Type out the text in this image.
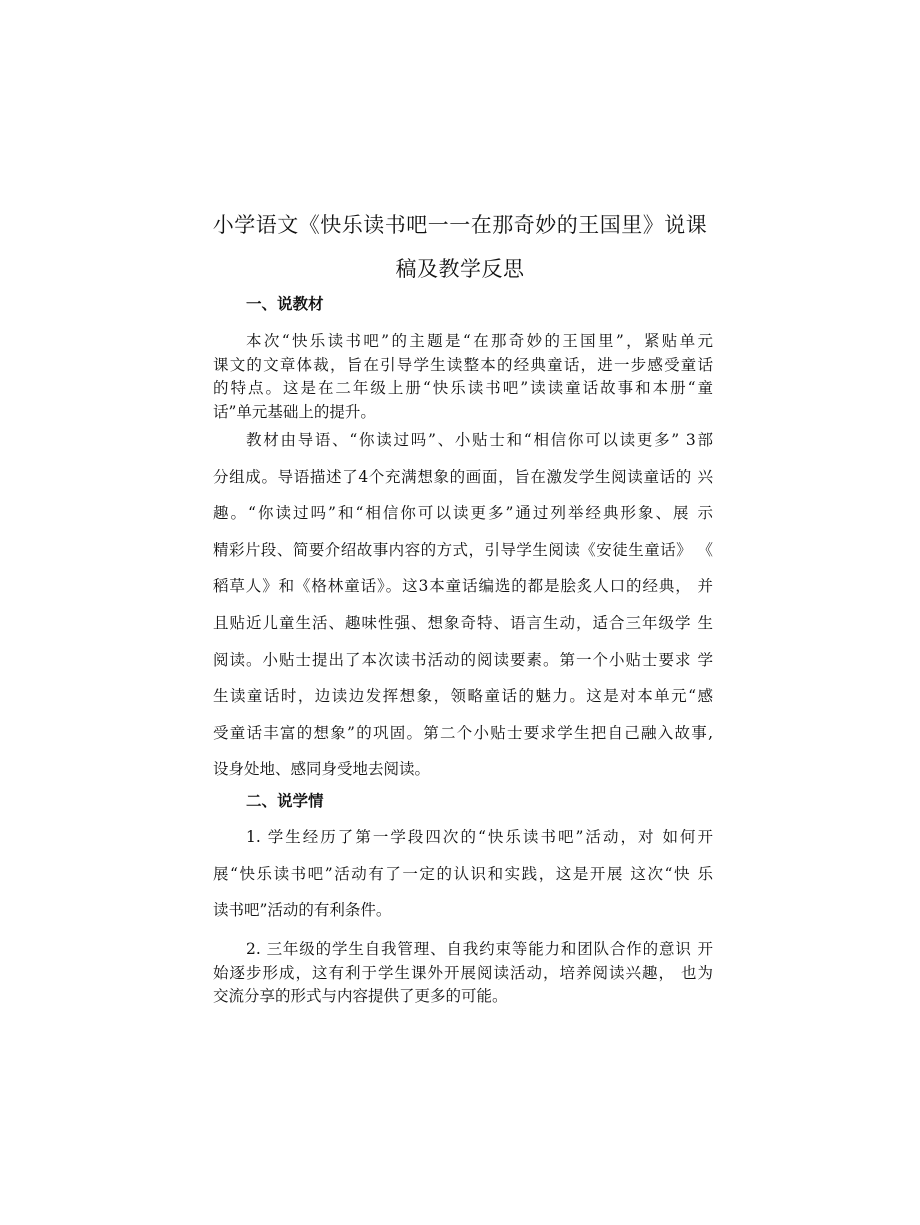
小学语文《快乐读书吧一一在那奇妙的王国里》说课
稿及教学反思
一、说教材
本次“快乐读书吧”的主题是“在那奇妙的王国里”，紧贴单元
课文的文章体裁，旨在引导学生读整本的经典童话，进一步感受童话
的特点。这是在二年级上册“快乐读书吧”读读童话故事和本册“童
话”单元基础上的提升。
教材由导语、“你读过吗”、小贴士和“相信你可以读更多” 3部
分组成。导语描述了4个充满想象的画面，旨在激发学生阅读童话的 兴
趣。“你读过吗”和“相信你可以读更多”通过列举经典形象、展 示
精彩片段、简要介绍故事内容的方式，引导学生阅读《安徒生童话》 《
稻草人》和《格林童话》。这3本童话编选的都是脍炙人口的经典， 并
且贴近儿童生活、趣味性强、想象奇特、语言生动，适合三年级学 生
阅读。小贴士提出了本次读书活动的阅读要素。第一个小贴士要求 学
生读童话时，边读边发挥想象，领略童话的魅力。这是对本单元“感
受童话丰富的想象”的巩固。第二个小贴士要求学生把自己融入故事,
设身处地、感同身受地去阅读。
二、说学情
1. 学生经历了第一学段四次的“快乐读书吧”活动，对 如何开
展“快乐读书吧”活动有了一定的认识和实践，这是开展 这次“快 乐
读书吧”活动的有利条件。
2. 三年级的学生自我管理、自我约束等能力和团队合作的意识 开
始逐步形成，这有利于学生课外开展阅读活动，培养阅读兴趣， 也为
交流分享的形式与内容提供了更多的可能。
